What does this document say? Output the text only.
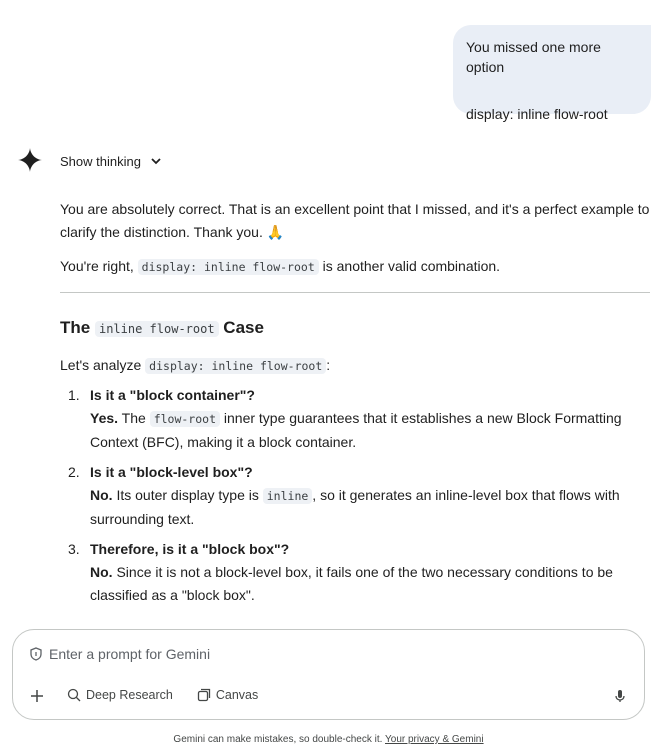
You missed one more option
display: inline flow-root
Show thinking

You are absolutely correct. That is an excellent point that I missed, and it's a perfect example to clarify the distinction. Thank you. 🙏

You're right, display: inline flow-root is another valid combination.

The inline flow-root Case

Let's analyze display: inline flow-root :

1. Is it a "block container"?
Yes. The flow-root inner type guarantees that it establishes a new Block Formatting Context (BFC), making it a block container.
2. Is it a "block-level box"?
No. Its outer display type is inline , so it generates an inline-level box that flows with surrounding text.
3. Therefore, is it a "block box"?
No. Since it is not a block-level box, it fails one of the two necessary conditions to be classified as a "block box".
Enter a prompt for Gemini
Deep Research	Canvas
Gemini can make mistakes, so double-check it. Your privacy & Gemini
